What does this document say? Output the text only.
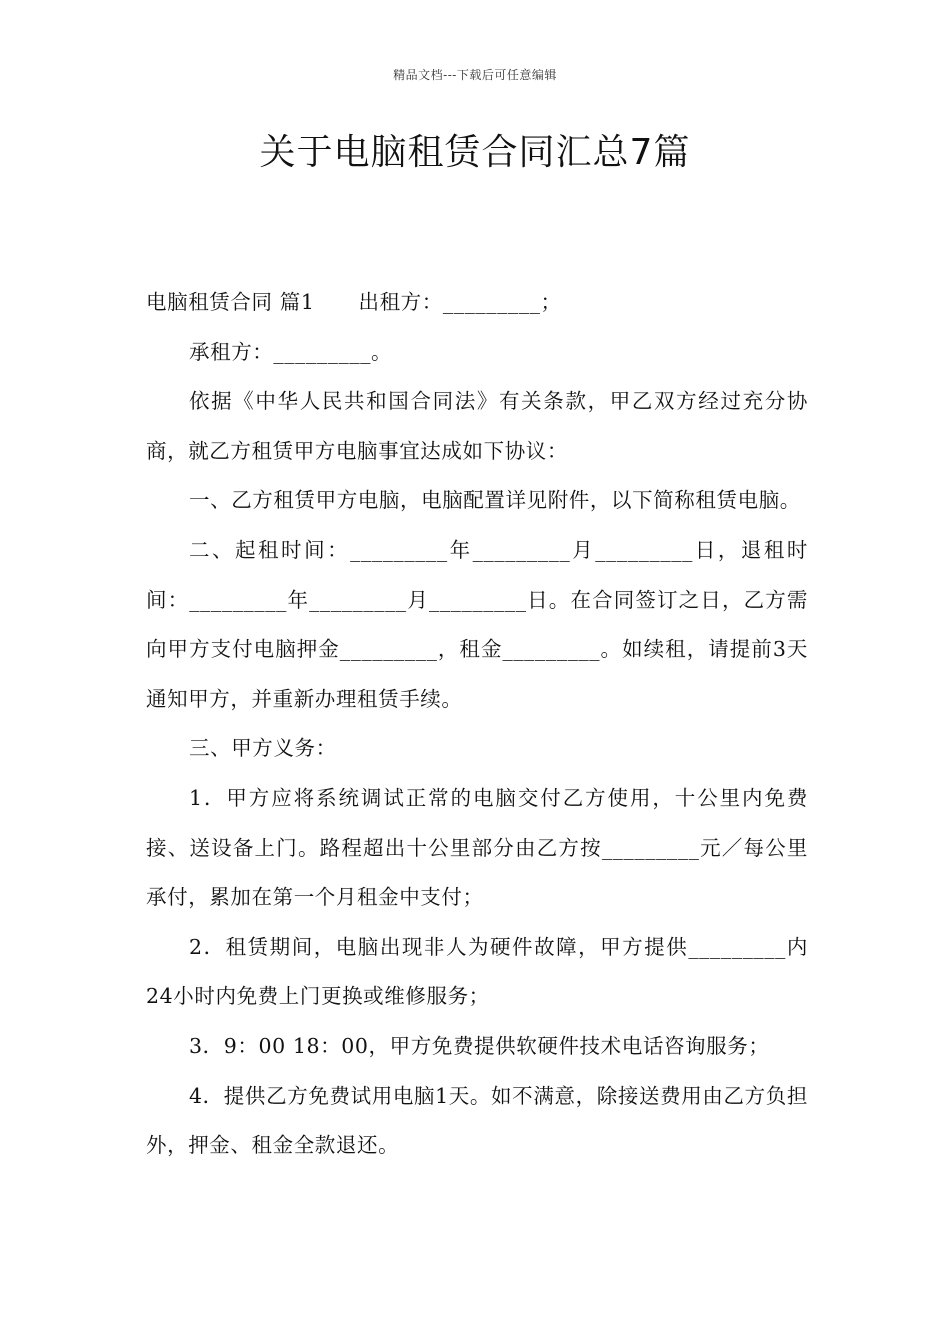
精品文档---下载后可任意编辑
关于电脑租赁合同汇总7篇

电脑租赁合同 篇1 出租方：_________；

承租方：_________。

依据《中华人民共和国合同法》有关条款，甲乙双方经过充分协商，就乙方租赁甲方电脑事宜达成如下协议：

一、乙方租赁甲方电脑，电脑配置详见附件，以下简称租赁电脑。

二、起租时间：_________年_________月_________日，退租时间：_________年_________月_________日。在合同签订之日，乙方需向甲方支付电脑押金_________，租金_________。如续租，请提前3天通知甲方，并重新办理租赁手续。

三、甲方义务：

1．甲方应将系统调试正常的电脑交付乙方使用，十公里内免费接、送设备上门。路程超出十公里部分由乙方按_________元／每公里承付，累加在第一个月租金中支付；

2．租赁期间，电脑出现非人为硬件故障，甲方提供_________内24小时内免费上门更换或维修服务；

3．9：00 18：00，甲方免费提供软硬件技术电话咨询服务；

4．提供乙方免费试用电脑1天。如不满意，除接送费用由乙方负担外，押金、租金全款退还。
